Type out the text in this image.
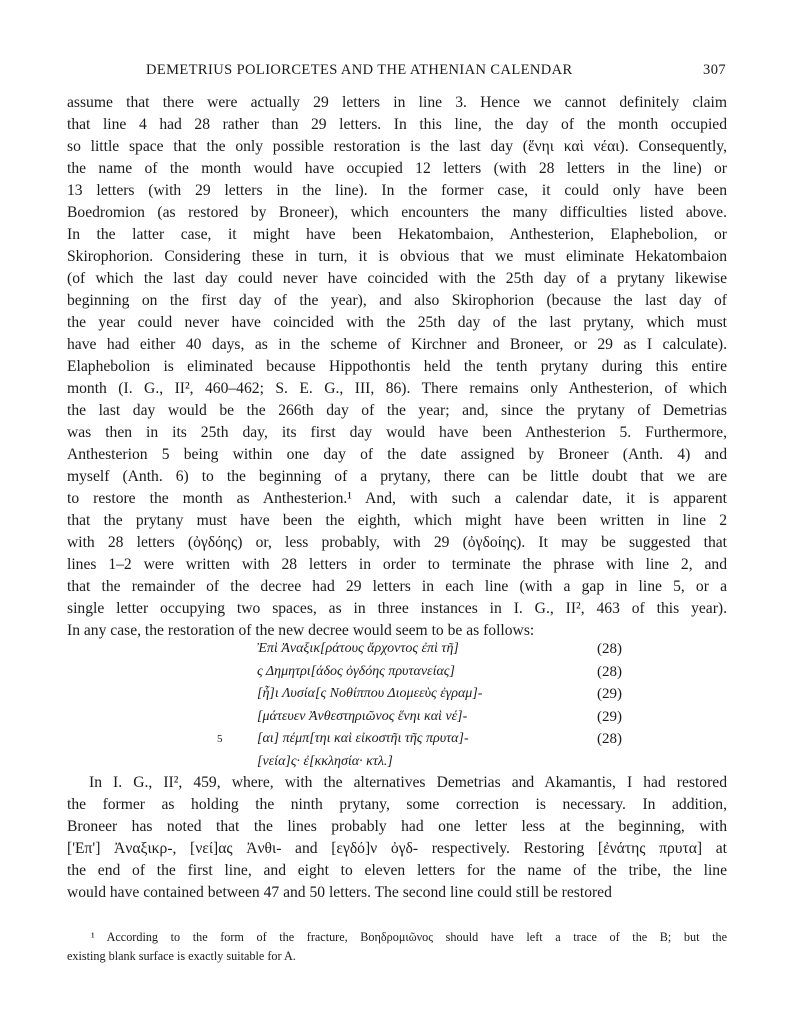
DEMETRIUS POLIORCETES AND THE ATHENIAN CALENDAR	307
assume that there were actually 29 letters in line 3. Hence we cannot definitely claim
that line 4 had 28 rather than 29 letters. In this line, the day of the month occupied
so little space that the only possible restoration is the last day (ἕνηι καὶ νέαι). Consequently,
the name of the month would have occupied 12 letters (with 28 letters in the line) or
13 letters (with 29 letters in the line). In the former case, it could only have been
Boedromion (as restored by Broneer), which encounters the many difficulties listed above.
In the latter case, it might have been Hekatombaion, Anthesterion, Elaphebolion, or
Skirophorion. Considering these in turn, it is obvious that we must eliminate Hekatombaion
(of which the last day could never have coincided with the 25th day of a prytany likewise
beginning on the first day of the year), and also Skirophorion (because the last day of
the year could never have coincided with the 25th day of the last prytany, which must
have had either 40 days, as in the scheme of Kirchner and Broneer, or 29 as I calculate).
Elaphebolion is eliminated because Hippothontis held the tenth prytany during this entire
month (I. G., II², 460–462; S. E. G., III, 86). There remains only Anthesterion, of which
the last day would be the 266th day of the year; and, since the prytany of Demetrias
was then in its 25th day, its first day would have been Anthesterion 5. Furthermore,
Anthesterion 5 being within one day of the date assigned by Broneer (Anth. 4) and
myself (Anth. 6) to the beginning of a prytany, there can be little doubt that we are
to restore the month as Anthesterion.¹ And, with such a calendar date, it is apparent
that the prytany must have been the eighth, which might have been written in line 2
with 28 letters (ὀγδόης) or, less probably, with 29 (ὀγδοίης). It may be suggested that
lines 1–2 were written with 28 letters in order to terminate the phrase with line 2, and
that the remainder of the decree had 29 letters in each line (with a gap in line 5, or a
single letter occupying two spaces, as in three instances in I. G., II², 463 of this year).
In any case, the restoration of the new decree would seem to be as follows:
Ἐπὶ Ἀναξικ[ράτους ἄρχοντος ἐπὶ τῆ]	(28)
ς Δημητρι[άδος ὀγδόης πρυτανείας]	(28)
[ἧ]ι Λυσία[ς Νοθίππου Διομεεὺς ἐγραμ]-	(29)
[μάτευεν Ἀνθεστηριῶνος ἕνηι καὶ νέ]-	(29)
5 [αι] πέμπ[τηι καὶ εἰκοστῆι τῆς πρυτα]-	(28)
[νεία]ς· ἐ[κκλησία· κτλ.]
In I. G., II², 459, where, with the alternatives Demetrias and Akamantis, I had restored
the former as holding the ninth prytany, some correction is necessary. In addition,
Broneer has noted that the lines probably had one letter less at the beginning, with
['Επ'] Ἀναξικρ-, [νεί]ας Ἀνθι- and [εγδό]ν ὀγδ- respectively. Restoring [ἐνάτης πρυτα] at
the end of the first line, and eight to eleven letters for the name of the tribe, the line
would have contained between 47 and 50 letters. The second line could still be restored
¹ According to the form of the fracture, Βοηδρομιῶνος should have left a trace of the B; but the
existing blank surface is exactly suitable for A.
